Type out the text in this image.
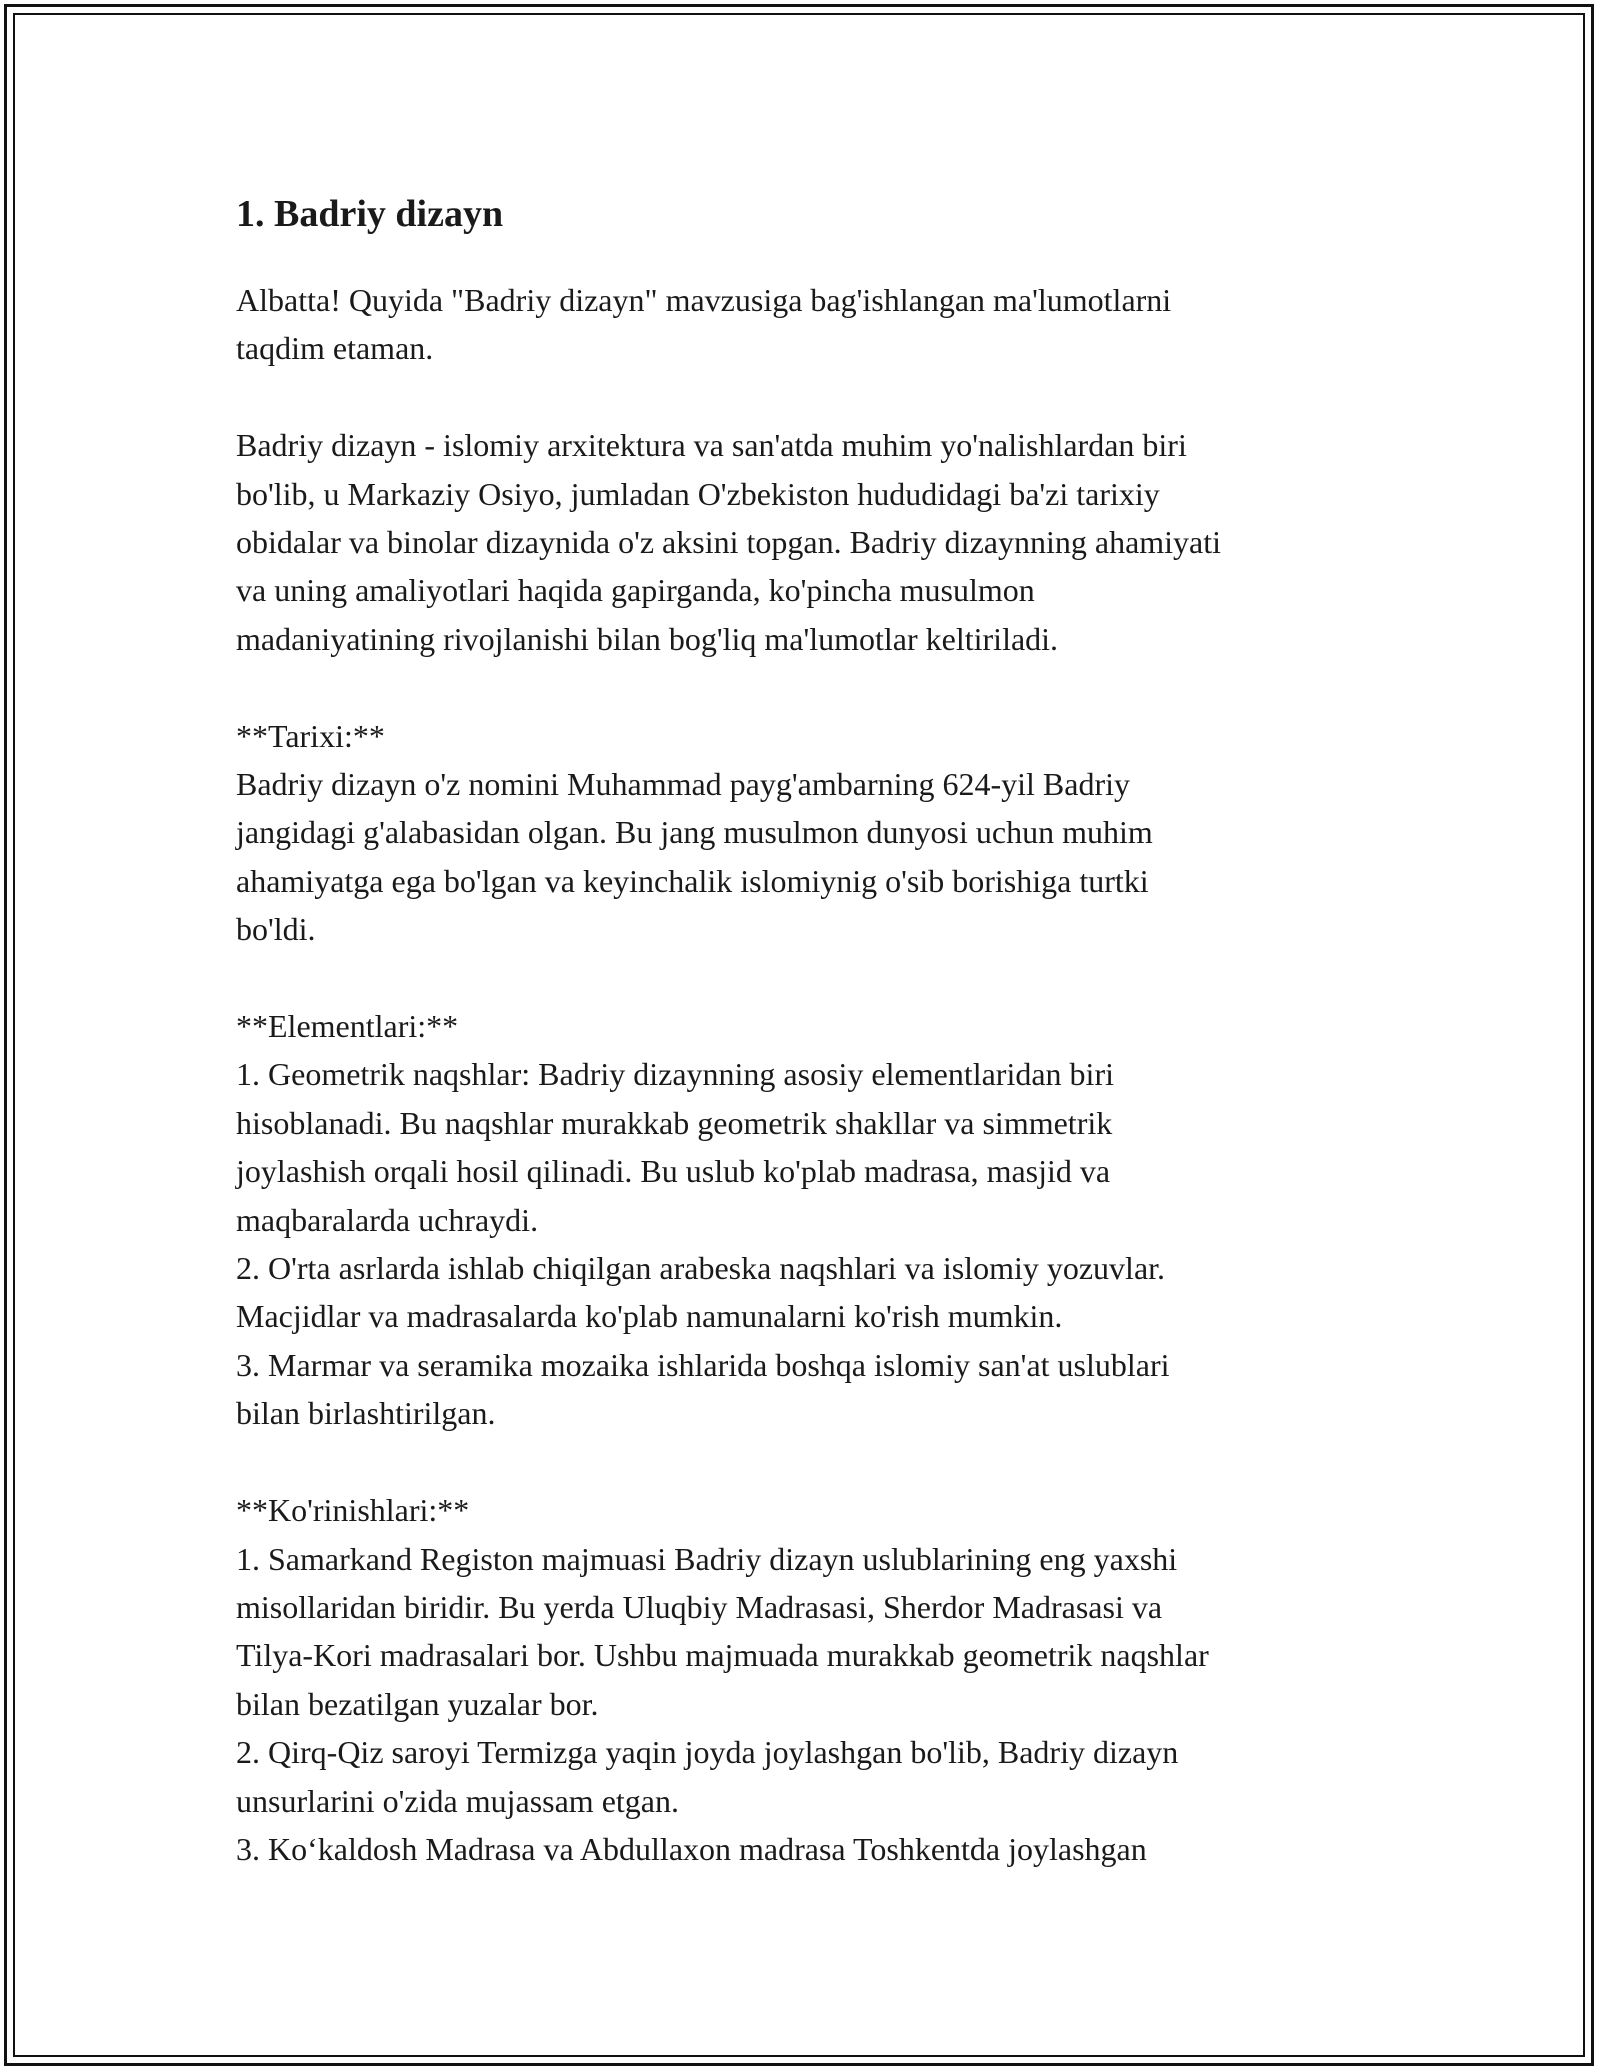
1. Badriy dizayn
Albatta! Quyida "Badriy dizayn" mavzusiga bag'ishlangan ma'lumotlarni
taqdim etaman.
Badriy dizayn - islomiy arxitektura va san'atda muhim yo'nalishlardan biri
bo'lib, u Markaziy Osiyo, jumladan O'zbekiston hududidagi ba'zi tarixiy
obidalar va binolar dizaynida o'z aksini topgan. Badriy dizaynning ahamiyati
va uning amaliyotlari haqida gapirganda, ko'pincha musulmon
madaniyatining rivojlanishi bilan bog'liq ma'lumotlar keltiriladi.
**Tarixi:**
Badriy dizayn o'z nomini Muhammad payg'ambarning 624-yil Badriy
jangidagi g'alabasidan olgan. Bu jang musulmon dunyosi uchun muhim
ahamiyatga ega bo'lgan va keyinchalik islomiynig o'sib borishiga turtki
bo'ldi.
**Elementlari:**
1. Geometrik naqshlar: Badriy dizaynning asosiy elementlaridan biri
hisoblanadi. Bu naqshlar murakkab geometrik shakllar va simmetrik
joylashish orqali hosil qilinadi. Bu uslub ko'plab madrasa, masjid va
maqbaralarda uchraydi.
2. O'rta asrlarda ishlab chiqilgan arabeska naqshlari va islomiy yozuvlar.
Macjidlar va madrasalarda ko'plab namunalarni ko'rish mumkin.
3. Marmar va seramika mozaika ishlarida boshqa islomiy san'at uslublari
bilan birlashtirilgan.
**Ko'rinishlari:**
1. Samarkand Registon majmuasi Badriy dizayn uslublarining eng yaxshi
misollaridan biridir. Bu yerda Uluqbiy Madrasasi, Sherdor Madrasasi va
Tilya-Kori madrasalari bor. Ushbu majmuada murakkab geometrik naqshlar
bilan bezatilgan yuzalar bor.
2. Qirq-Qiz saroyi Termizga yaqin joyda joylashgan bo'lib, Badriy dizayn
unsurlarini o'zida mujassam etgan.
3. Ko‘kaldosh Madrasa va Abdullaxon madrasa Toshkentda joylashgan
